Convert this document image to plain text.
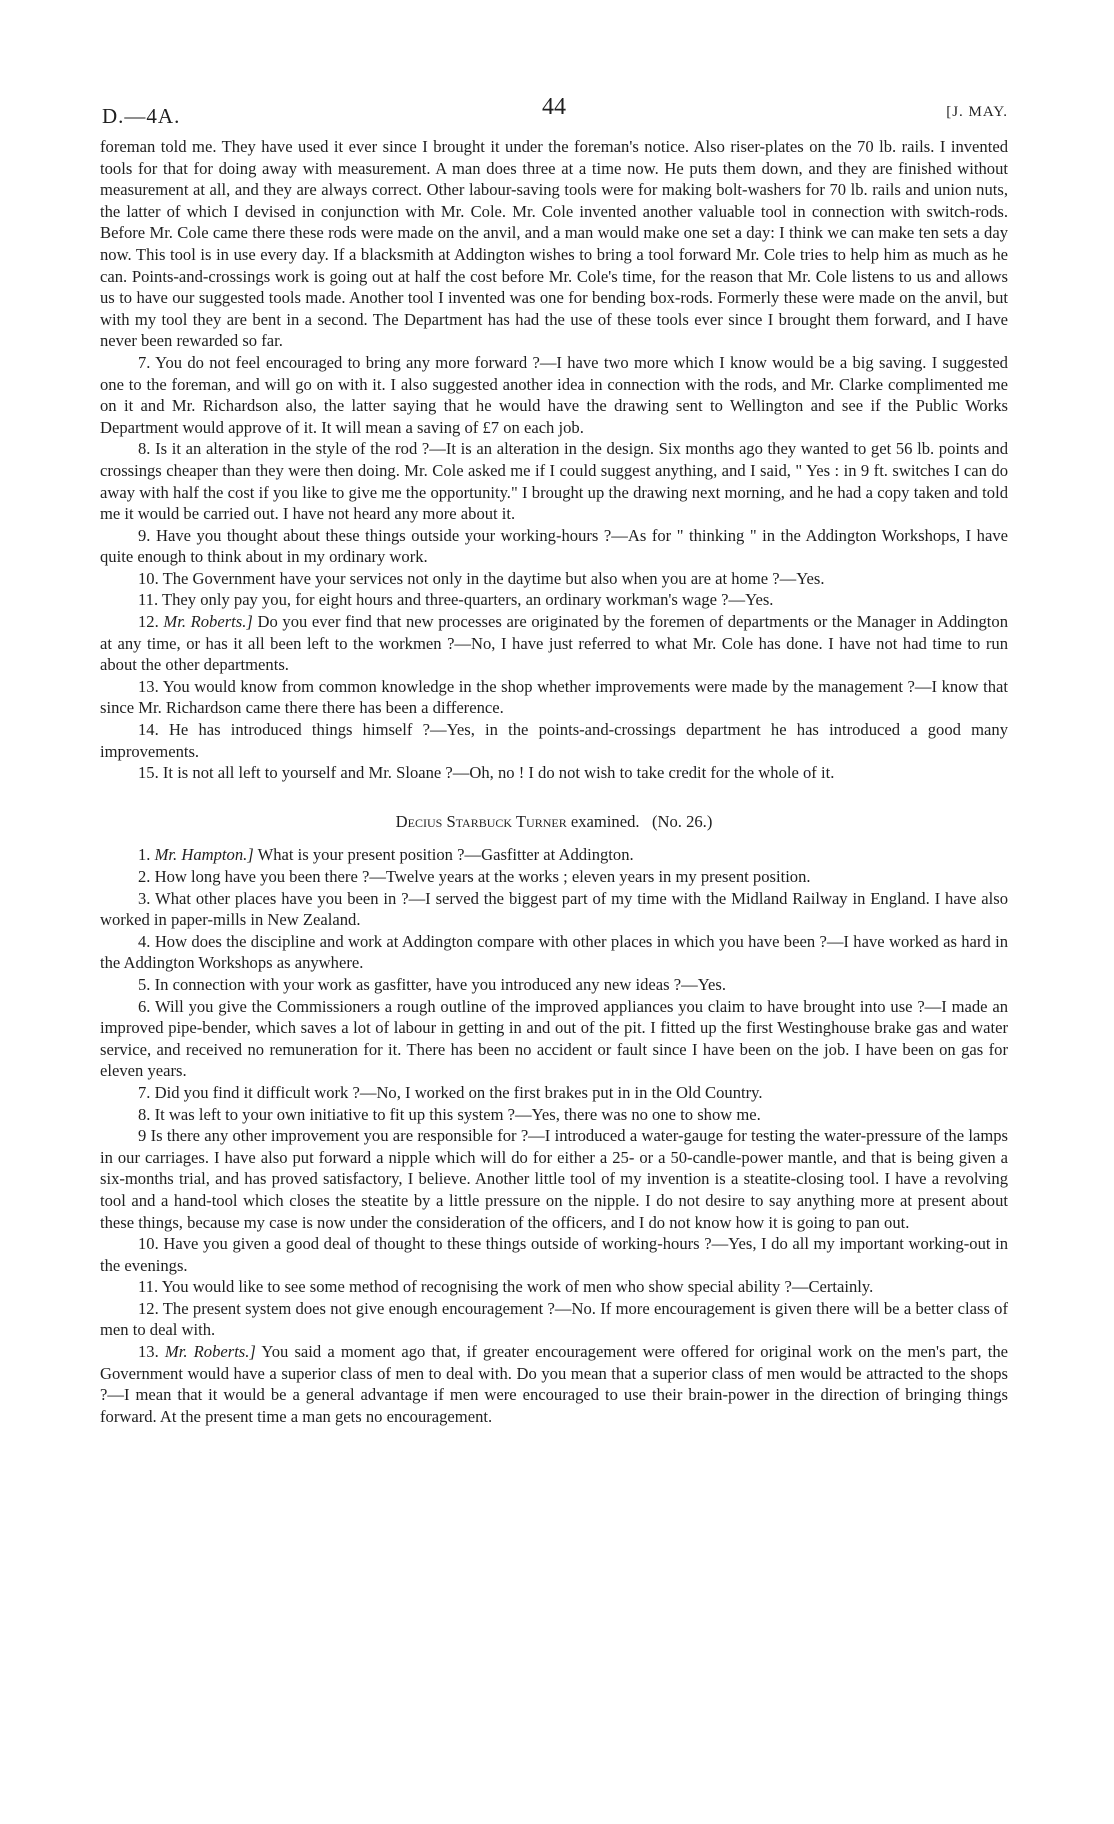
D.—4A.	44	[J. MAY.

foreman told me. They have used it ever since I brought it under the foreman's notice. Also riser-plates on the 70 lb. rails. I invented tools for that for doing away with measurement. A man does three at a time now. He puts them down, and they are finished without measurement at all, and they are always correct. Other labour-saving tools were for making bolt-washers for 70 lb. rails and union nuts, the latter of which I devised in conjunction with Mr. Cole. Mr. Cole invented another valuable tool in connection with switch-rods. Before Mr. Cole came there these rods were made on the anvil, and a man would make one set a day: I think we can make ten sets a day now. This tool is in use every day. If a blacksmith at Addington wishes to bring a tool forward Mr. Cole tries to help him as much as he can. Points-and-crossings work is going out at half the cost before Mr. Cole's time, for the reason that Mr. Cole listens to us and allows us to have our suggested tools made. Another tool I invented was one for bending box-rods. Formerly these were made on the anvil, but with my tool they are bent in a second. The Department has had the use of these tools ever since I brought them forward, and I have never been rewarded so far.

7. You do not feel encouraged to bring any more forward ?—I have two more which I know would be a big saving. I suggested one to the foreman, and will go on with it. I also suggested another idea in connection with the rods, and Mr. Clarke complimented me on it and Mr. Richardson also, the latter saying that he would have the drawing sent to Wellington and see if the Public Works Department would approve of it. It will mean a saving of £7 on each job.

8. Is it an alteration in the style of the rod ?—It is an alteration in the design. Six months ago they wanted to get 56 lb. points and crossings cheaper than they were then doing. Mr. Cole asked me if I could suggest anything, and I said, " Yes : in 9 ft. switches I can do away with half the cost if you like to give me the opportunity." I brought up the drawing next morning, and he had a copy taken and told me it would be carried out. I have not heard any more about it.

9. Have you thought about these things outside your working-hours ?—As for " thinking " in the Addington Workshops, I have quite enough to think about in my ordinary work.

10. The Government have your services not only in the daytime but also when you are at home ?—Yes.

11. They only pay you, for eight hours and three-quarters, an ordinary workman's wage ?—Yes.

12. Mr. Roberts.] Do you ever find that new processes are originated by the foremen of departments or the Manager in Addington at any time, or has it all been left to the workmen ?—No, I have just referred to what Mr. Cole has done. I have not had time to run about the other departments.

13. You would know from common knowledge in the shop whether improvements were made by the management ?—I know that since Mr. Richardson came there there has been a difference.

14. He has introduced things himself ?—Yes, in the points-and-crossings department he has introduced a good many improvements.

15. It is not all left to yourself and Mr. Sloane ?—Oh, no ! I do not wish to take credit for the whole of it.

Decius Starbuck Turner examined. (No. 26.)

1. Mr. Hampton.] What is your present position ?—Gasfitter at Addington.

2. How long have you been there ?—Twelve years at the works ; eleven years in my present position.

3. What other places have you been in ?—I served the biggest part of my time with the Midland Railway in England. I have also worked in paper-mills in New Zealand.

4. How does the discipline and work at Addington compare with other places in which you have been ?—I have worked as hard in the Addington Workshops as anywhere.

5. In connection with your work as gasfitter, have you introduced any new ideas ?—Yes.

6. Will you give the Commissioners a rough outline of the improved appliances you claim to have brought into use ?—I made an improved pipe-bender, which saves a lot of labour in getting in and out of the pit. I fitted up the first Westinghouse brake gas and water service, and received no remuneration for it. There has been no accident or fault since I have been on the job. I have been on gas for eleven years.

7. Did you find it difficult work ?—No, I worked on the first brakes put in in the Old Country.

8. It was left to your own initiative to fit up this system ?—Yes, there was no one to show me.

9 Is there any other improvement you are responsible for ?—I introduced a water-gauge for testing the water-pressure of the lamps in our carriages. I have also put forward a nipple which will do for either a 25- or a 50-candle-power mantle, and that is being given a six-months trial, and has proved satisfactory, I believe. Another little tool of my invention is a steatite-closing tool. I have a revolving tool and a hand-tool which closes the steatite by a little pressure on the nipple. I do not desire to say anything more at present about these things, because my case is now under the consideration of the officers, and I do not know how it is going to pan out.

10. Have you given a good deal of thought to these things outside of working-hours ?—Yes, I do all my important working-out in the evenings.

11. You would like to see some method of recognising the work of men who show special ability ?—Certainly.

12. The present system does not give enough encouragement ?—No. If more encouragement is given there will be a better class of men to deal with.

13. Mr. Roberts.] You said a moment ago that, if greater encouragement were offered for original work on the men's part, the Government would have a superior class of men to deal with. Do you mean that a superior class of men would be attracted to the shops ?—I mean that it would be a general advantage if men were encouraged to use their brain-power in the direction of bringing things forward. At the present time a man gets no encouragement.
